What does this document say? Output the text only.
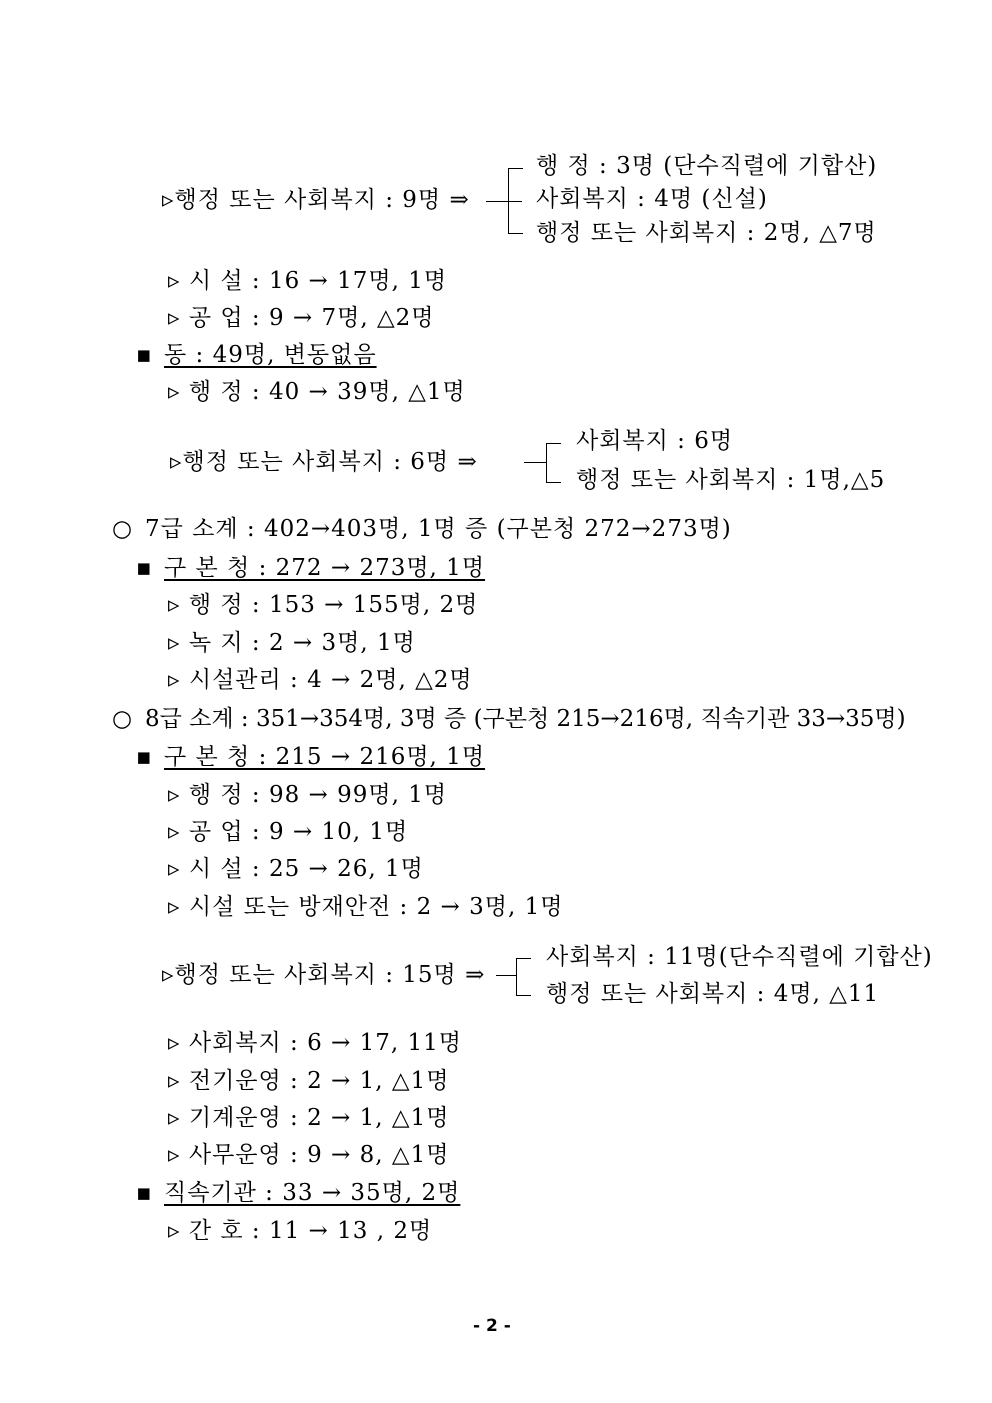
▹행정 또는 사회복지 : 9명 ⇒
행 정 : 3명 (단수직렬에 기합산)
사회복지 : 4명 (신설)
행정 또는 사회복지 : 2명, △7명
▹ 시 설 : 16 → 17명, 1명
▹ 공 업 : 9 → 7명, △2명
▪ 동 : 49명, 변동없음
▹ 행 정 : 40 → 39명, △1명
▹행정 또는 사회복지 : 6명 ⇒
사회복지 : 6명
행정 또는 사회복지 : 1명,△5
○ 7급 소계 : 402→403명, 1명 증 (구본청 272→273명)
▪ 구 본 청 : 272 → 273명, 1명
▹ 행 정 : 153 → 155명, 2명
▹ 녹 지 : 2 → 3명, 1명
▹ 시설관리 : 4 → 2명, △2명
○ 8급 소계 : 351→354명, 3명 증 (구본청 215→216명, 직속기관 33→35명)
▪ 구 본 청 : 215 → 216명, 1명
▹ 행 정 : 98 → 99명, 1명
▹ 공 업 : 9 → 10, 1명
▹ 시 설 : 25 → 26, 1명
▹ 시설 또는 방재안전 : 2 → 3명, 1명
▹행정 또는 사회복지 : 15명 ⇒
사회복지 : 11명(단수직렬에 기합산)
행정 또는 사회복지 : 4명, △11
▹ 사회복지 : 6 → 17, 11명
▹ 전기운영 : 2 → 1, △1명
▹ 기계운영 : 2 → 1, △1명
▹ 사무운영 : 9 → 8, △1명
▪ 직속기관 : 33 → 35명, 2명
▹ 간 호 : 11 → 13 , 2명
- 2 -
